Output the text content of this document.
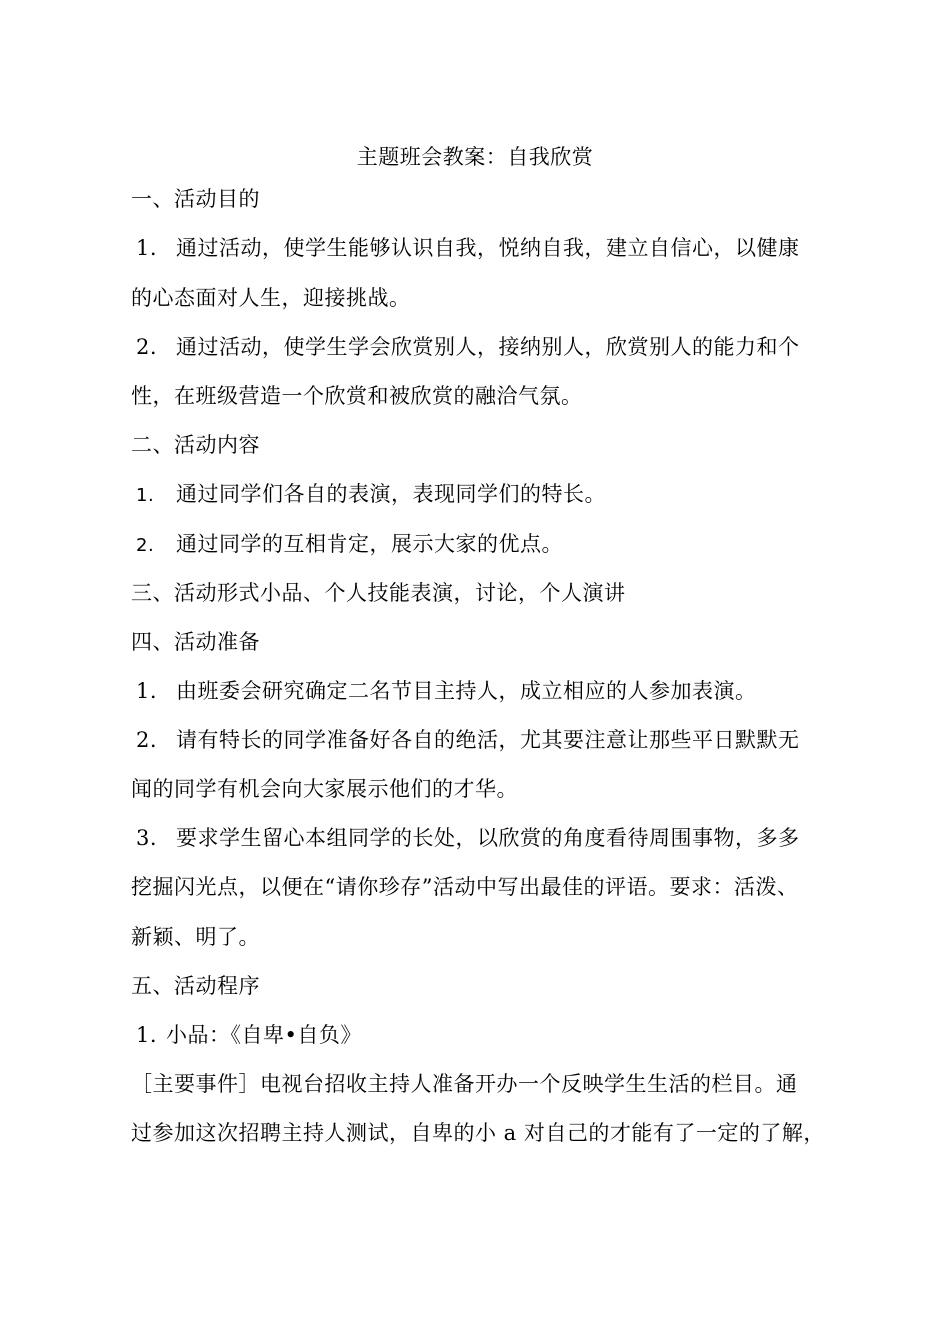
主题班会教案：自我欣赏
一、活动目的
1. 通过活动，使学生能够认识自我，悦纳自我，建立自信心，以健康
的心态面对人生，迎接挑战。
2. 通过活动，使学生学会欣赏别人，接纳别人，欣赏别人的能力和个
性，在班级营造一个欣赏和被欣赏的融洽气氛。
二、活动内容
1. 通过同学们各自的表演，表现同学们的特长。
2. 通过同学的互相肯定，展示大家的优点。
三、活动形式小品、个人技能表演，讨论，个人演讲
四、活动准备
1. 由班委会研究确定二名节目主持人，成立相应的人参加表演。
2. 请有特长的同学准备好各自的绝活，尤其要注意让那些平日默默无
闻的同学有机会向大家展示他们的才华。
3. 要求学生留心本组同学的长处，以欣赏的角度看待周围事物，多多
挖掘闪光点，以便在“请你珍存”活动中写出最佳的评语。要求：活泼、
新颖、明了。
五、活动程序
1. 小品：《自卑•自负》
［主要事件］电视台招收主持人准备开办一个反映学生生活的栏目。通
过参加这次招聘主持人测试，自卑的小 a 对自己的才能有了一定的了解，
